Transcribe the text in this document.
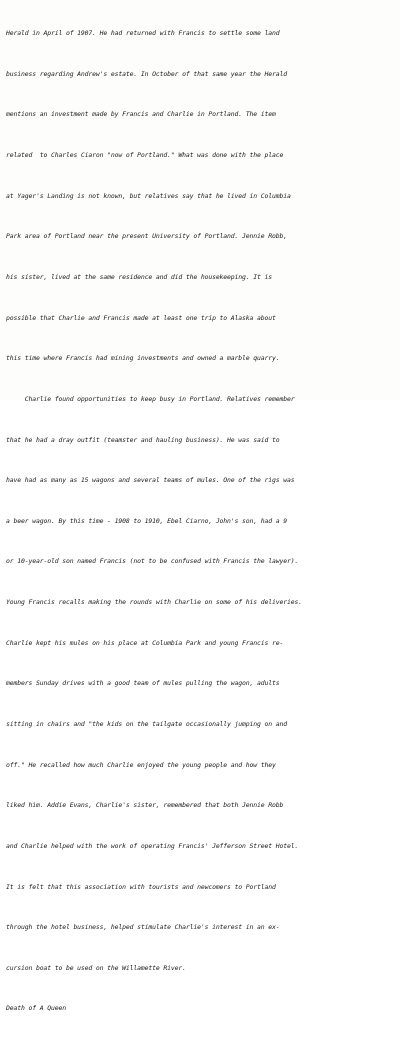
Herald in April of 1907. He had returned with Francis to settle some land

business regarding Andrew's estate. In October of that same year the Herald

mentions an investment made by Francis and Charlie in Portland. The item

related  to Charles Ciaron "now of Portland." What was done with the place

at Yager's Landing is not known, but relatives say that he lived in Columbia

Park area of Portland near the present University of Portland. Jennie Robb,

his sister, lived at the same residence and did the housekeeping. It is

possible that Charlie and Francis made at least one trip to Alaska about

this time where Francis had mining investments and owned a marble quarry.

Charlie found opportunities to keep busy in Portland. Relatives remember

that he had a dray outfit (teamster and hauling business). He was said to

have had as many as 15 wagons and several teams of mules. One of the rigs was

a beer wagon. By this time - 1908 to 1910, Ebel Ciarno, John's son, had a 9

or 10-year-old son named Francis (not to be confused with Francis the lawyer).

Young Francis recalls making the rounds with Charlie on some of his deliveries.

Charlie kept his mules on his place at Columbia Park and young Francis re-

members Sunday drives with a good team of mules pulling the wagon, adults

sitting in chairs and "the kids on the tailgate occasionally jumping on and

off." He recalled how much Charlie enjoyed the young people and how they

liked him. Addie Evans, Charlie's sister, remembered that both Jennie Robb

and Charlie helped with the work of operating Francis' Jefferson Street Hotel.

It is felt that this association with tourists and newcomers to Portland

through the hotel business, helped stimulate Charlie's interest in an ex-

cursion boat to be used on the Willamette River.

Death of A Queen
